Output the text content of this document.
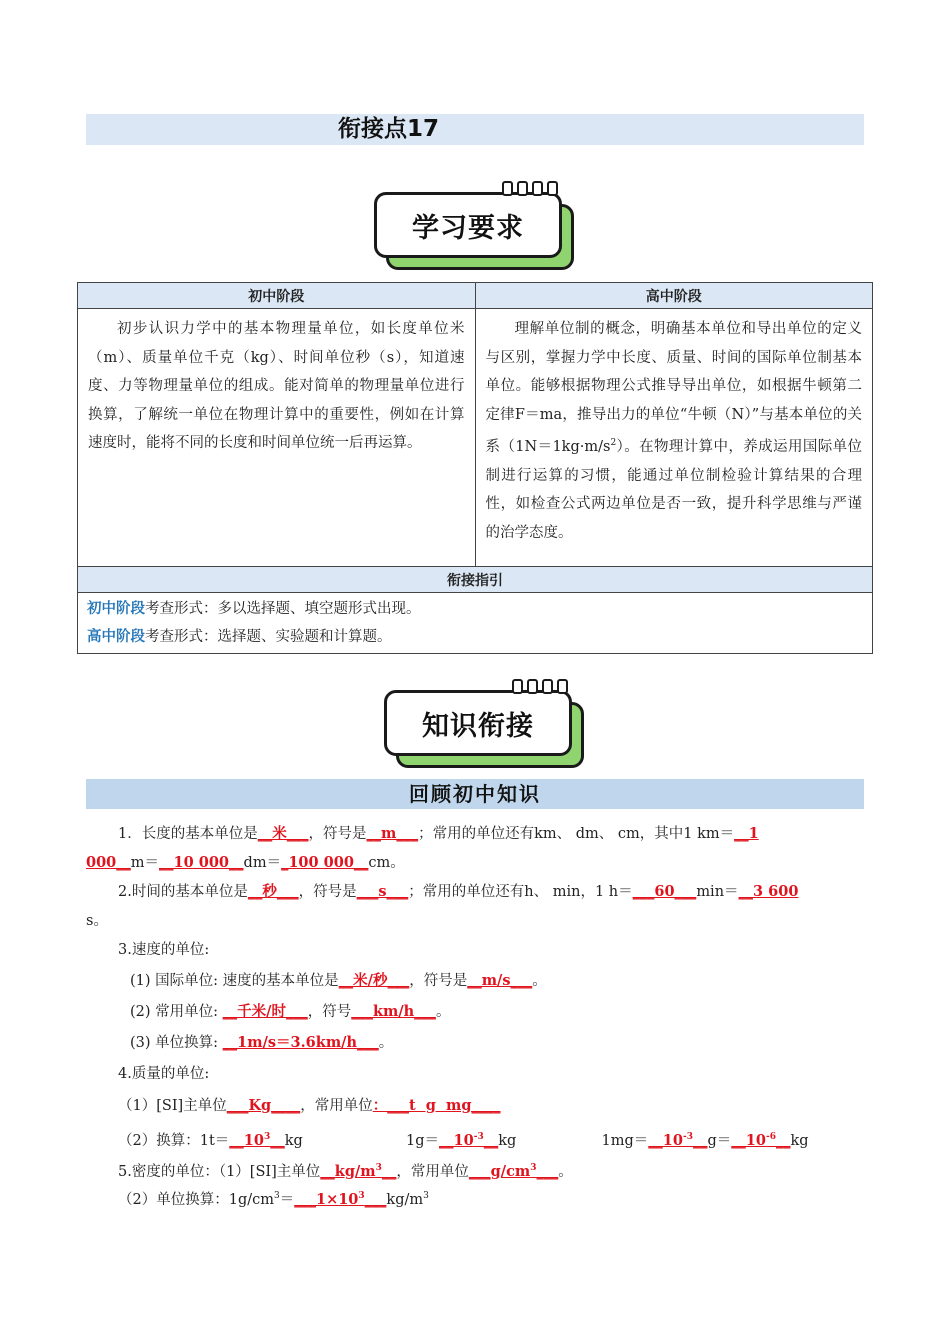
衔接点17
学习要求
初中阶段	高中阶段

初步认识力学中的基本物理量单位，如长度单位米（m）、质量单位千克（kg）、时间单位秒（s），知道速度、力等物理量单位的组成。能对简单的物理量单位进行换算，了解统一单位在物理计算中的重要性，例如在计算速度时，能将不同的长度和时间单位统一后再运算。	理解单位制的概念，明确基本单位和导出单位的定义与区别，掌握力学中长度、质量、时间的国际单位制基本单位。能够根据物理公式推导导出单位，如根据牛顿第二定律F＝ma，推导出力的单位“牛顿（N）”与基本单位的关系$(1N=1kg\cdot m/s^2)$。在物理计算中，养成运用国际单位制进行运算的习惯，能通过单位制检验计算结果的合理性，如检查公式两边单位是否一致，提升科学思维与严谨的治学态度。

衔接指引	

初中阶段考查形式：多以选择题、填空题形式出现。
高中阶段考查形式：选择题、实验题和计算题。	
知识衔接
回顾初中知识
1．长度的基本单位是__米___，符号是__m___；常用的单位还有km、 dm、 cm，其中1 km＝__1
000__m＝__10 000__dm＝_100 000__cm。
2.时间的基本单位是__秒___，符号是___s___；常用的单位还有h、 min，1 h＝___60___min＝__3 600
s。
3.速度的单位:
(1) 国际单位: 速度的基本单位是__米/秒___，符号是__m/s___。
(2) 常用单位: __千米/时___，符号___km/h___。
(3) 单位换算: __1m/s＝3.6km/h___。
4.质量的单位:
（1）[SI]主单位___Kg____，常用单位：___t  g  mg____
（2）换算：$1t=\_\_10^3\_\_kg$	$1g=\_\_10^{-3}\_\_kg$	$1mg=\_\_10^{-3}\_\_g=\_\_10^{-6}\_\_kg$
5.密度的单位：（1）[SI]主单位$\_\_kg/m^3\_\_$，常用单位$\_\_\_g/cm^3\_\_\_$。
（2）单位换算：$1g/cm^3=\_\_\_1\times 10^3\_\_\_kg/m^3$
